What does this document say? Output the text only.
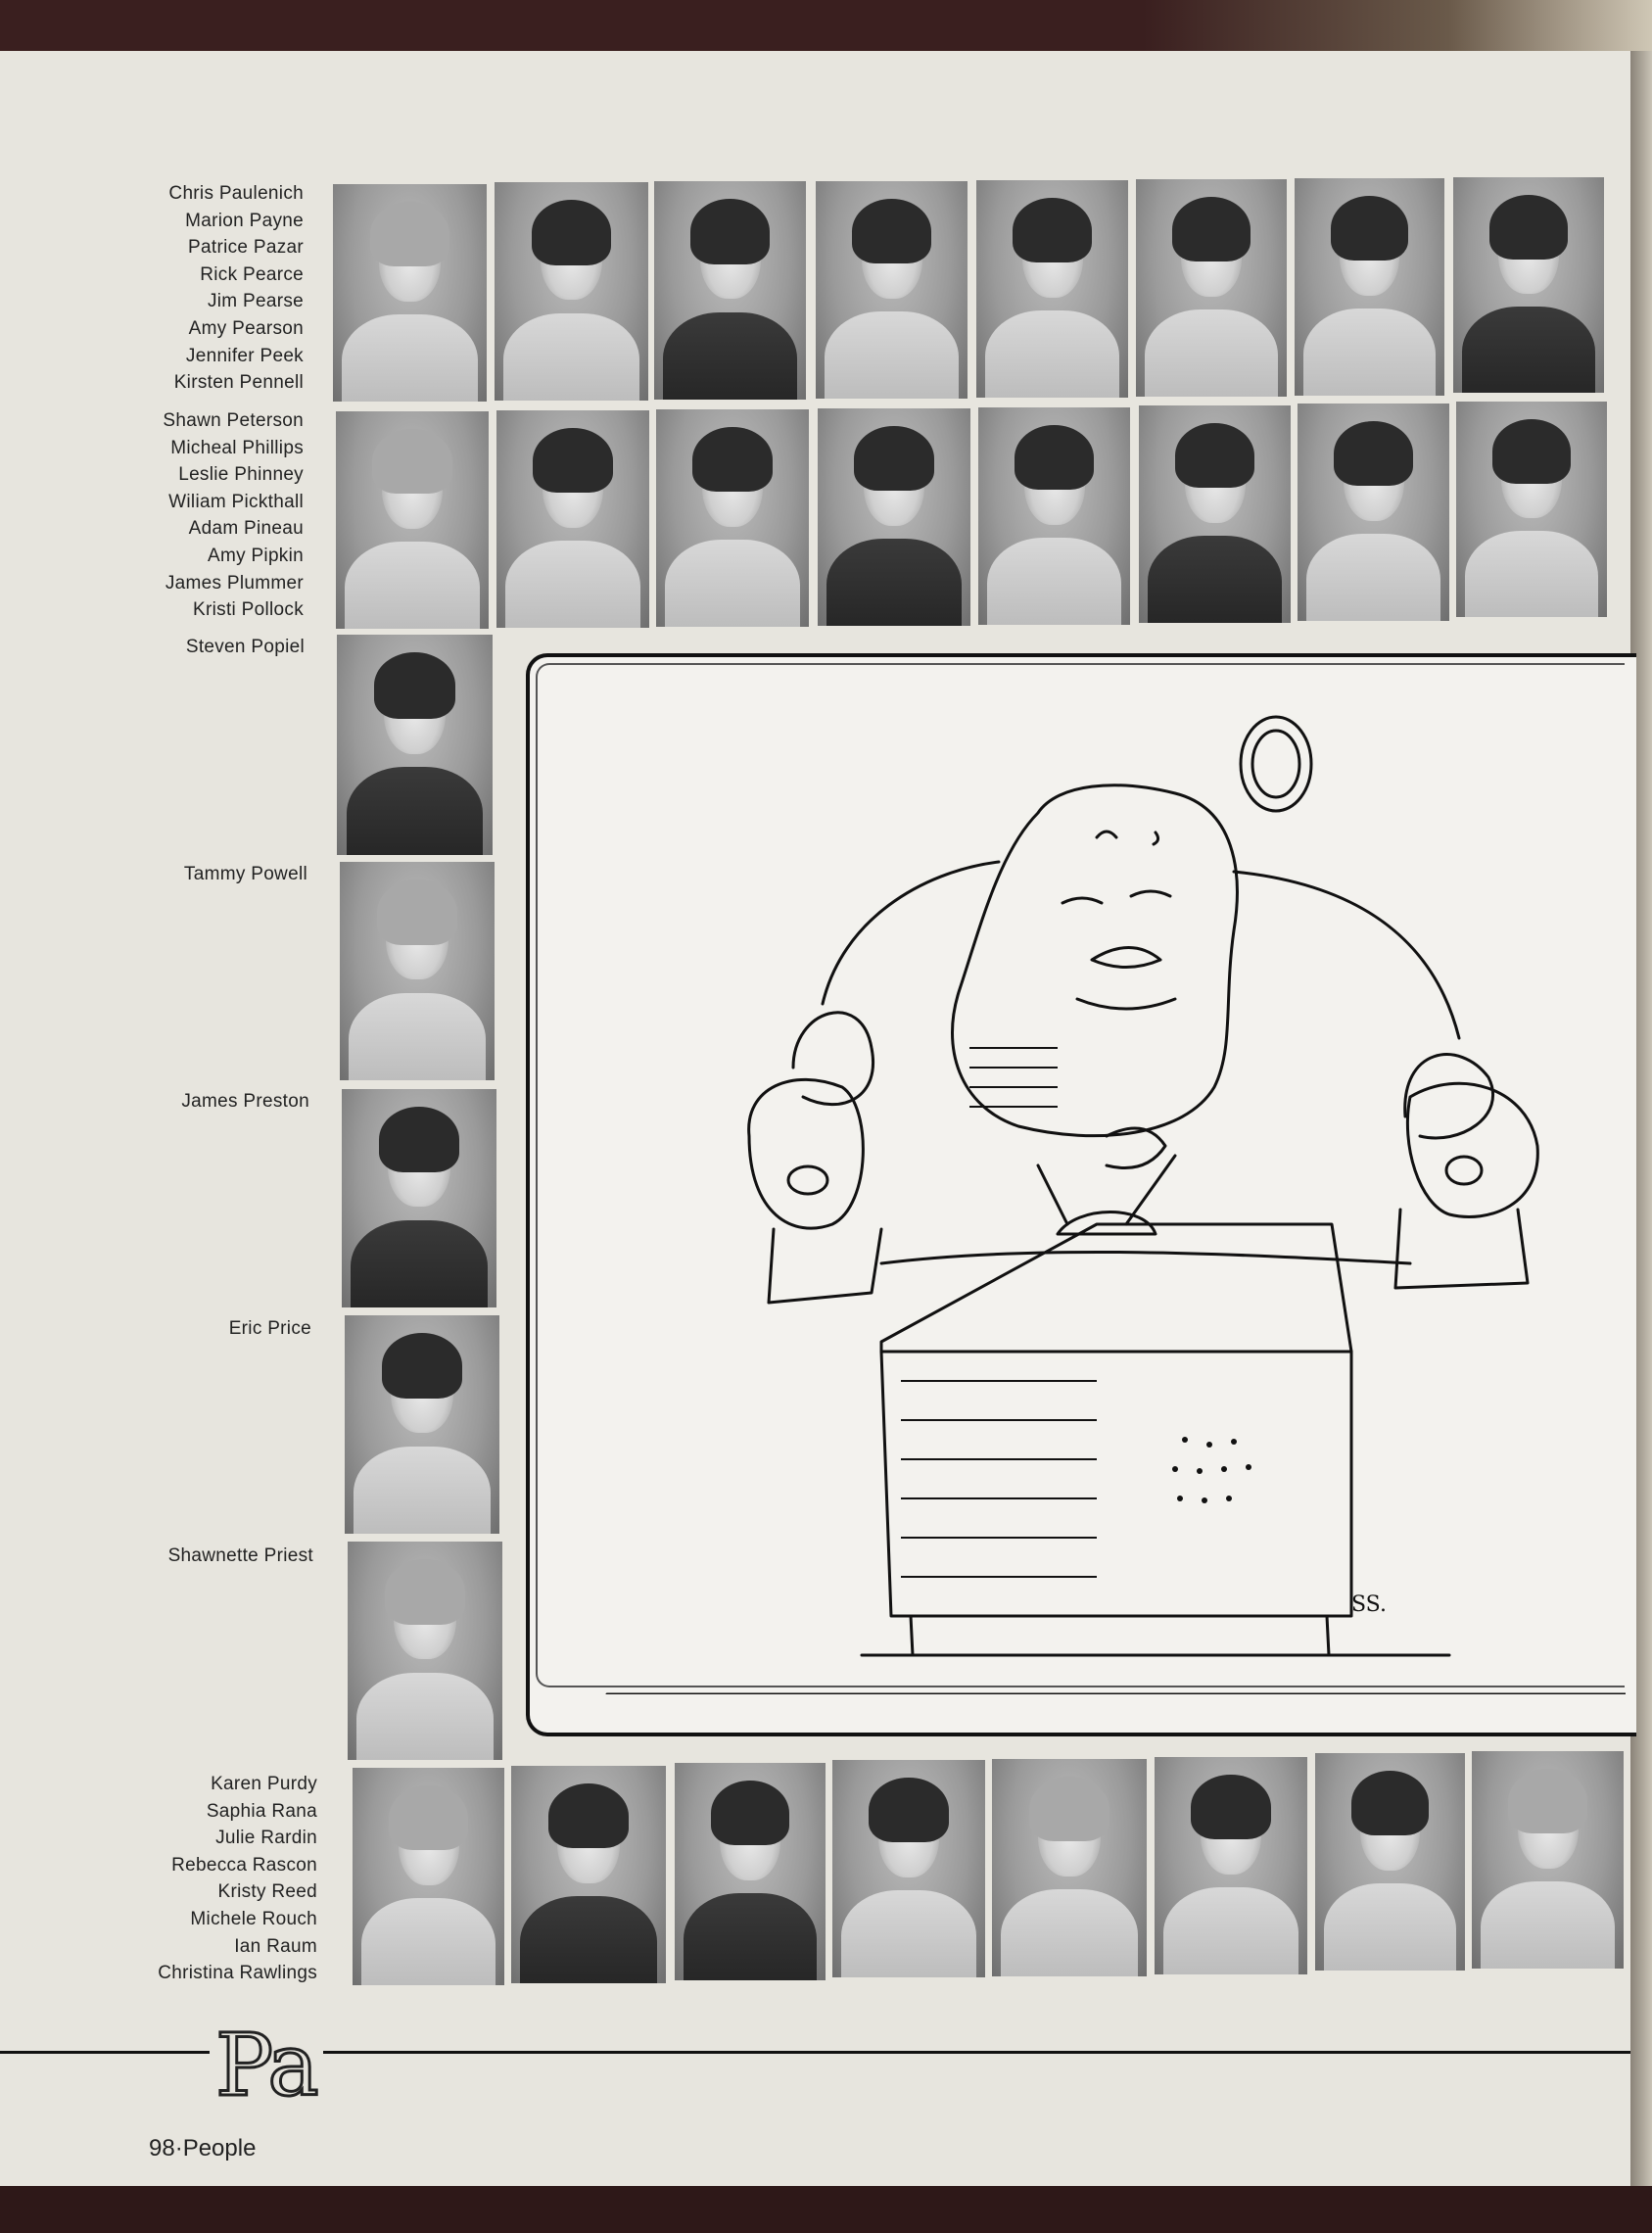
Chris Paulenich
Marion Payne
Patrice Pazar
Rick Pearce
Jim Pearse
Amy Pearson
Jennifer Peek
Kirsten Pennell
Shawn Peterson
Micheal Phillips
Leslie Phinney
Wiliam Pickthall
Adam Pineau
Amy Pipkin
James Plummer
Kristi Pollock
Steven Popiel
Tammy Powell
James Preston
Eric Price
Shawnette Priest
SS.
Karen Purdy
Saphia Rana
Julie Rardin
Rebecca Rascon
Kristy Reed
Michele Rouch
Ian Raum
Christina Rawlings
Pa
98·People
